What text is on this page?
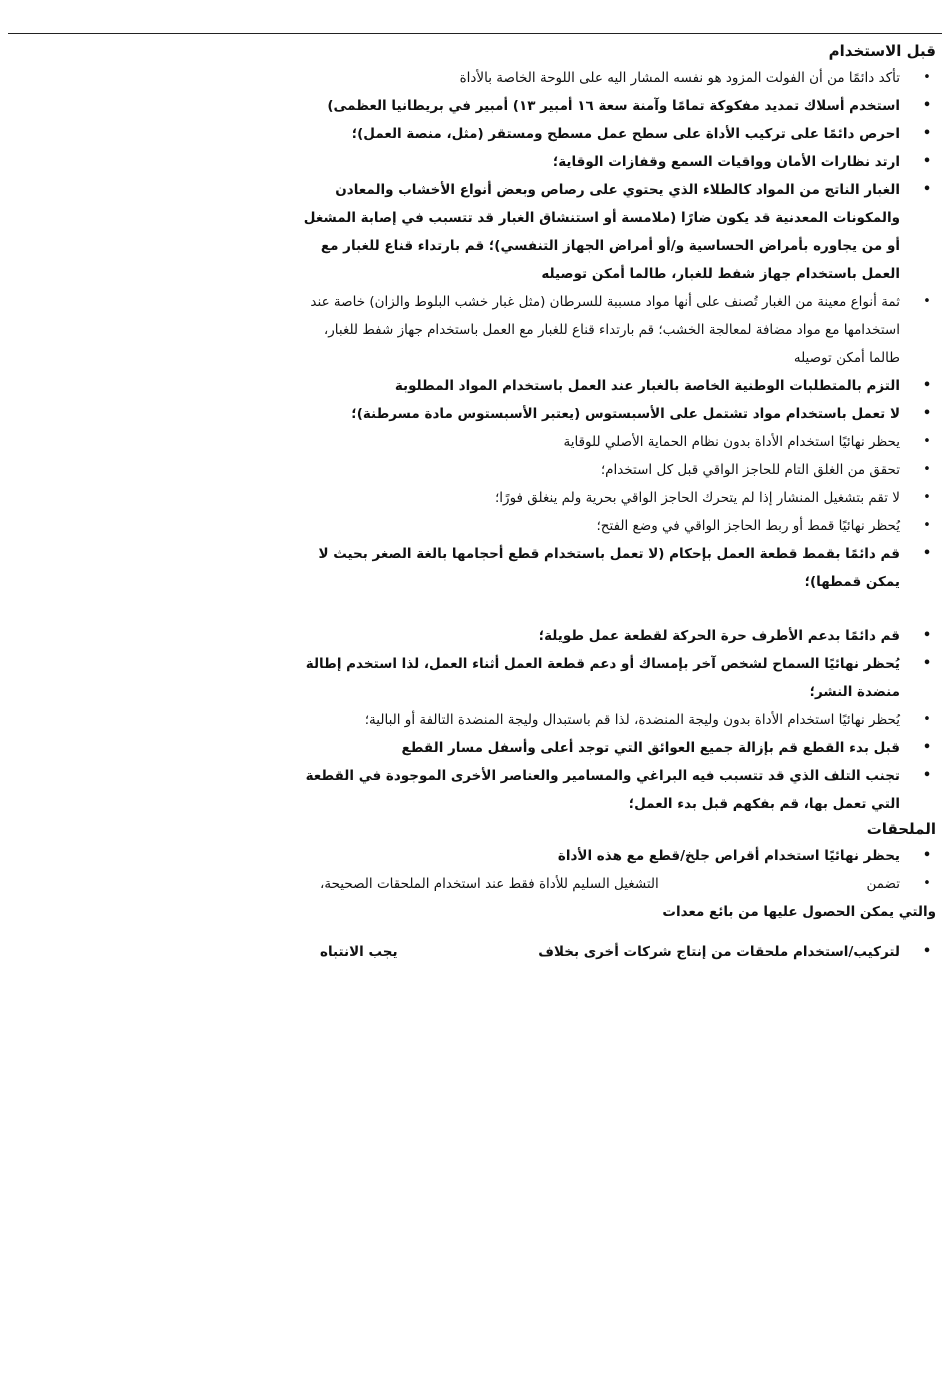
قبل الاستخدام
•
تأكد دائمًا من أن الفولت المزود هو نفسه المشار اليه على اللوحة الخاصة بالأداة
•
استخدم أسلاك تمديد مفكوكة تمامًا وآمنة سعة ١٦ أمبير ١٣) أمبير في بريطانيا العظمى)
•
احرص دائمًا على تركيب الأداة على سطح عمل مسطح ومستقر (مثل، منصة العمل)؛
•
ارتد نظارات الأمان وواقيات السمع وقفازات الوقاية؛
•
الغبار الناتج من المواد كالطلاء الذي يحتوي على رصاص وبعض أنواع الأخشاب والمعادن والمكونات المعدنية قد يكون ضارًا (ملامسة أو استنشاق الغبار قد تتسبب في إصابة المشغل أو من يجاوره بأمراض الحساسية و/أو أمراض الجهاز التنفسي)؛ قم بارتداء قناع للغبار مع العمل باستخدام جهاز شفط للغبار، طالما أمكن توصيله
•
ثمة أنواع معينة من الغبار تُصنف على أنها مواد مسببة للسرطان (مثل غبار خشب البلوط والزان) خاصة عند استخدامها مع مواد مضافة لمعالجة الخشب؛ قم بارتداء قناع للغبار مع العمل باستخدام جهاز شفط للغبار، طالما أمكن توصيله
•
التزم بالمتطلبات الوطنية الخاصة بالغبار عند العمل باستخدام المواد المطلوبة
•
لا تعمل باستخدام مواد تشتمل على الأسبستوس (يعتبر الأسبستوس مادة مسرطنة)؛
•
يحظر نهائيًا استخدام الأداة بدون نظام الحماية الأصلي للوقاية
•
تحقق من الغلق التام للحاجز الواقي قبل كل استخدام؛
•
لا تقم بتشغيل المنشار إذا لم يتحرك الحاجز الواقي بحرية ولم ينغلق فورًا؛
•
يُحظر نهائيًا قمط أو ربط الحاجز الواقي في وضع الفتح؛
•
قم دائمًا بقمط قطعة العمل بإحكام (لا تعمل باستخدام قطع أحجامها بالغة الصغر بحيث لا يمكن قمطها)؛
•
قم دائمًا بدعم الأطرف حرة الحركة لقطعة عمل طويلة؛
•
يُحظر نهائيًا السماح لشخص آخر بإمساك أو دعم قطعة العمل أثناء العمل، لذا استخدم إطالة منضدة النشر؛
•
يُحظر نهائيًا استخدام الأداة بدون وليجة المنضدة، لذا قم باستبدال وليجة المنضدة التالفة أو البالية؛
•
قبل بدء القطع قم بإزالة جميع العوائق التي توجد أعلى وأسفل مسار القطع
•
تجنب التلف الذي قد تتسبب فيه البراغي والمسامير والعناصر الأخرى الموجودة في القطعة التي تعمل بها، قم بفكهم قبل بدء العمل؛
الملحقات
•
يحظر نهائيًا استخدام أقراص جلخ/قطع مع هذه الأداة
•
تضمن
التشغيل السليم للأداة فقط عند استخدام الملحقات الصحيحة،
والتي يمكن الحصول عليها من بائع معدات
•
لتركيب/استخدام ملحقات من إنتاج شركات أخرى بخلاف
يجب الانتباه
